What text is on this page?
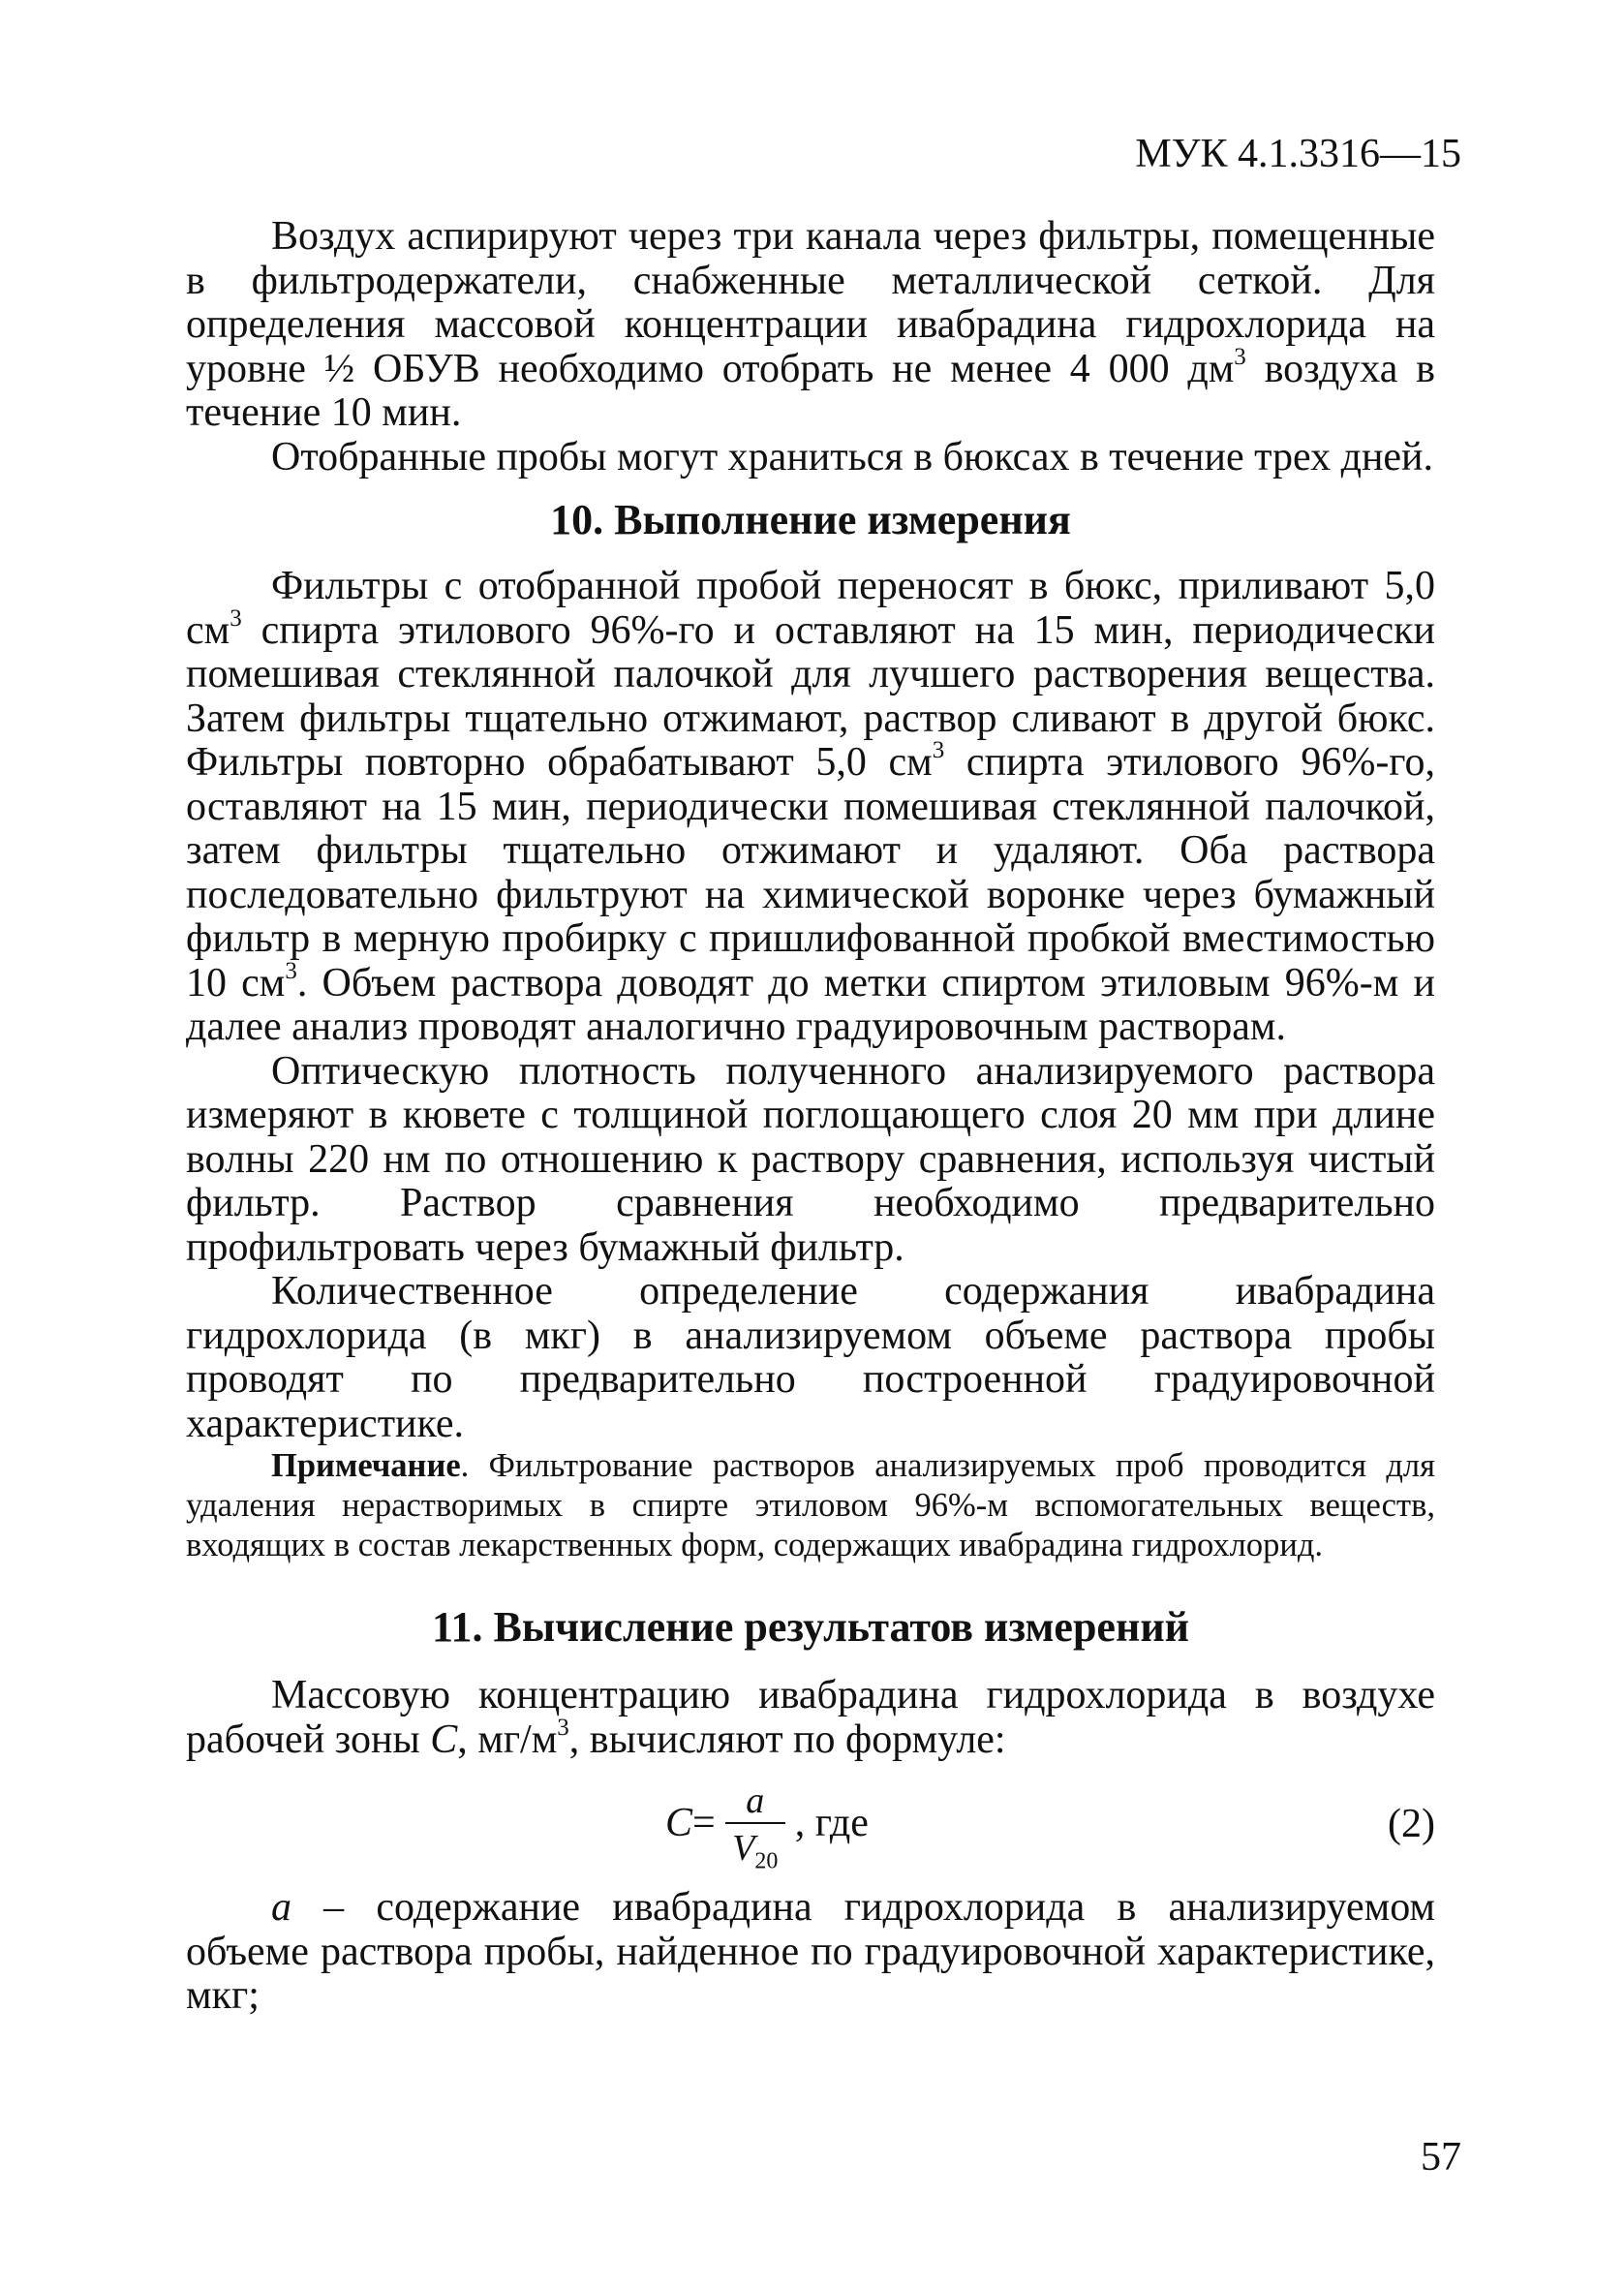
МУК 4.1.3316—15

Воздух аспирируют через три канала через фильтры, помещенные в фильтродержатели, снабженные металлической сеткой. Для определения массовой концентрации ивабрадина гидрохлорида на уровне ½ ОБУВ необходимо отобрать не менее 4 000 $дм^3$ воздуха в течение 10 мин.

Отобранные пробы могут храниться в бюксах в течение трех дней.

10. Выполнение измерения

Фильтры с отобранной пробой переносят в бюкс, приливают 5,0 $см^3$ спирта этилового 96%-го и оставляют на 15 мин, периодически помешивая стеклянной палочкой для лучшего растворения вещества. Затем фильтры тщательно отжимают, раствор сливают в другой бюкс. Фильтры повторно обрабатывают 5,0 $см^3$ спирта этилового 96%-го, оставляют на 15 мин, периодически помешивая стеклянной палочкой, затем фильтры тщательно отжимают и удаляют. Оба раствора последовательно фильтруют на химической воронке через бумажный фильтр в мерную пробирку с пришлифованной пробкой вместимостью 10 $см^3$. Объем раствора доводят до метки спиртом этиловым 96%-м и далее анализ проводят аналогично градуировочным растворам.

Оптическую плотность полученного анализируемого раствора измеряют в кювете с толщиной поглощающего слоя 20 мм при длине волны 220 нм по отношению к раствору сравнения, используя чистый фильтр. Раствор сравнения необходимо предварительно профильтровать через бумажный фильтр.

Количественное определение содержания ивабрадина гидрохлорида (в мкг) в анализируемом объеме раствора пробы проводят по предварительно построенной градуировочной характеристике.

Примечание. Фильтрование растворов анализируемых проб проводится для удаления нерастворимых в спирте этиловом 96%-м вспомогательных веществ, входящих в состав лекарственных форм, содержащих ивабрадина гидрохлорид.

11. Вычисление результатов измерений

Массовую концентрацию ивабрадина гидрохлорида в воздухе рабочей зоны C, $мг/м^3$, вычисляют по формуле:

$C = \frac{a}{V_{20}}$ , где	(2)

a – содержание ивабрадина гидрохлорида в анализируемом объеме раствора пробы, найденное по градуировочной характеристике, мкг;

57
